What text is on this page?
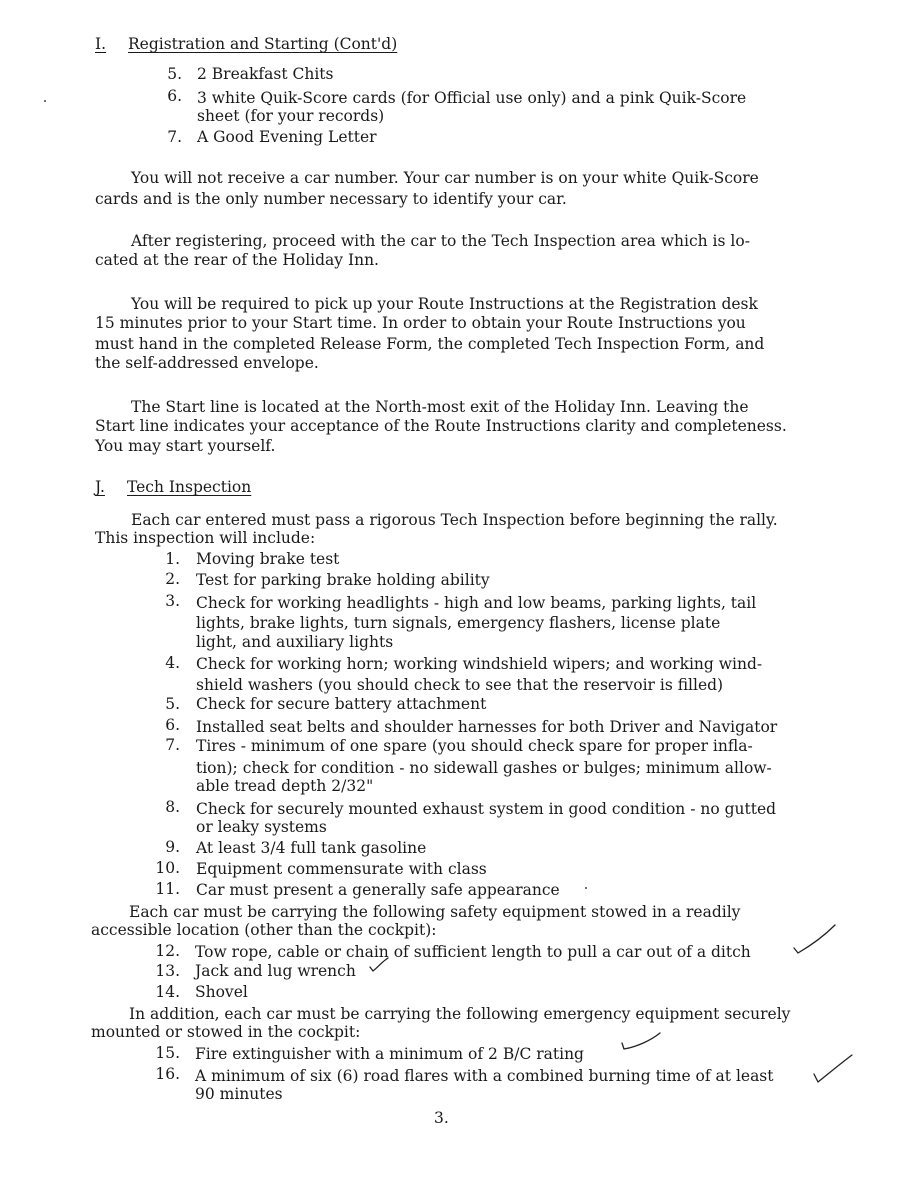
I. Registration and Starting (Cont'd)
5. 2 Breakfast Chits
6. 3 white Quik-Score cards (for Official use only) and a pink Quik-Score
sheet (for your records)
7. A Good Evening Letter
You will not receive a car number. Your car number is on your white Quik-Score
cards and is the only number necessary to identify your car.
After registering, proceed with the car to the Tech Inspection area which is lo-
cated at the rear of the Holiday Inn.
You will be required to pick up your Route Instructions at the Registration desk
15 minutes prior to your Start time. In order to obtain your Route Instructions you
must hand in the completed Release Form, the completed Tech Inspection Form, and
the self-addressed envelope.
The Start line is located at the North-most exit of the Holiday Inn. Leaving the
Start line indicates your acceptance of the Route Instructions clarity and completeness.
You may start yourself.
J. Tech Inspection
Each car entered must pass a rigorous Tech Inspection before beginning the rally.
This inspection will include:
1. Moving brake test
2. Test for parking brake holding ability
3. Check for working headlights - high and low beams, parking lights, tail
lights, brake lights, turn signals, emergency flashers, license plate
light, and auxiliary lights
4. Check for working horn; working windshield wipers; and working wind-
shield washers (you should check to see that the reservoir is filled)
5. Check for secure battery attachment
6. Installed seat belts and shoulder harnesses for both Driver and Navigator
7. Tires - minimum of one spare (you should check spare for proper infla-
tion); check for condition - no sidewall gashes or bulges; minimum allow-
able tread depth 2/32"
8. Check for securely mounted exhaust system in good condition - no gutted
or leaky systems
9. At least 3/4 full tank gasoline
10. Equipment commensurate with class
11. Car must present a generally safe appearance
Each car must be carrying the following safety equipment stowed in a readily
accessible location (other than the cockpit):
12. Tow rope, cable or chain of sufficient length to pull a car out of a ditch
13. Jack and lug wrench
14. Shovel
In addition, each car must be carrying the following emergency equipment securely
mounted or stowed in the cockpit:
15. Fire extinguisher with a minimum of 2 B/C rating
16. A minimum of six (6) road flares with a combined burning time of at least
90 minutes
3.
